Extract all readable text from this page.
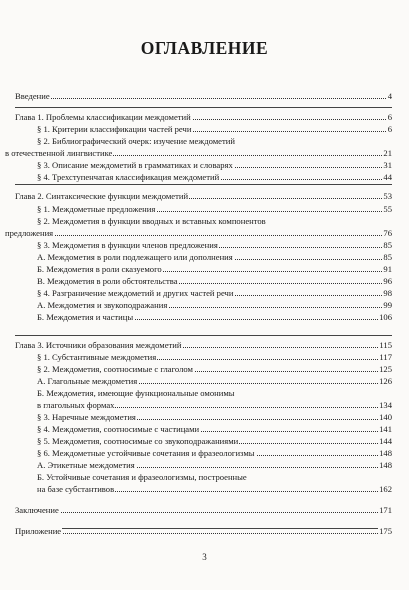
ОГЛАВЛЕНИЕ
Введение	4
Глава 1. Проблемы классификации междометий	6
§ 1. Критерии классификации частей речи	6
§ 2. Библиографический очерк: изучение междометий
в отечественной лингвистике	21
§ 3. Описание междометий в грамматиках и словарях	31
§ 4. Трехступенчатая классификация междометий	44
Глава 2. Синтаксические функции междометий	53
§ 1. Междометные предложения	55
§ 2. Междометия в функции вводных и вставных компонентов
предложения	76
§ 3. Междометия в функции членов предложения	85
А. Междометия в роли подлежащего или дополнения	85
Б. Междометия в роли сказуемого	91
В. Междометия в роли обстоятельства	96
§ 4. Разграничение междометий и других частей речи	98
А. Междометия и звукоподражания	99
Б. Междометия и частицы	106
Глава 3. Источники образования междометий	115
§ 1. Субстантивные междометия	117
§ 2. Междометия, соотносимые с глаголом	125
А. Глагольные междометия	126
Б. Междометия, имеющие функциональные омонимы
в глагольных формах	134
§ 3. Наречные междометия	140
§ 4. Междометия, соотносимые с частицами	141
§ 5. Междометия, соотносимые со звукоподражаниями	144
§ 6. Междометные устойчивые сочетания и фразеологизмы	148
А. Этикетные междометия	148
Б. Устойчивые сочетания и фразеологизмы, построенные
на базе субстантивов	162
Заключение	171
Приложение	175
3
